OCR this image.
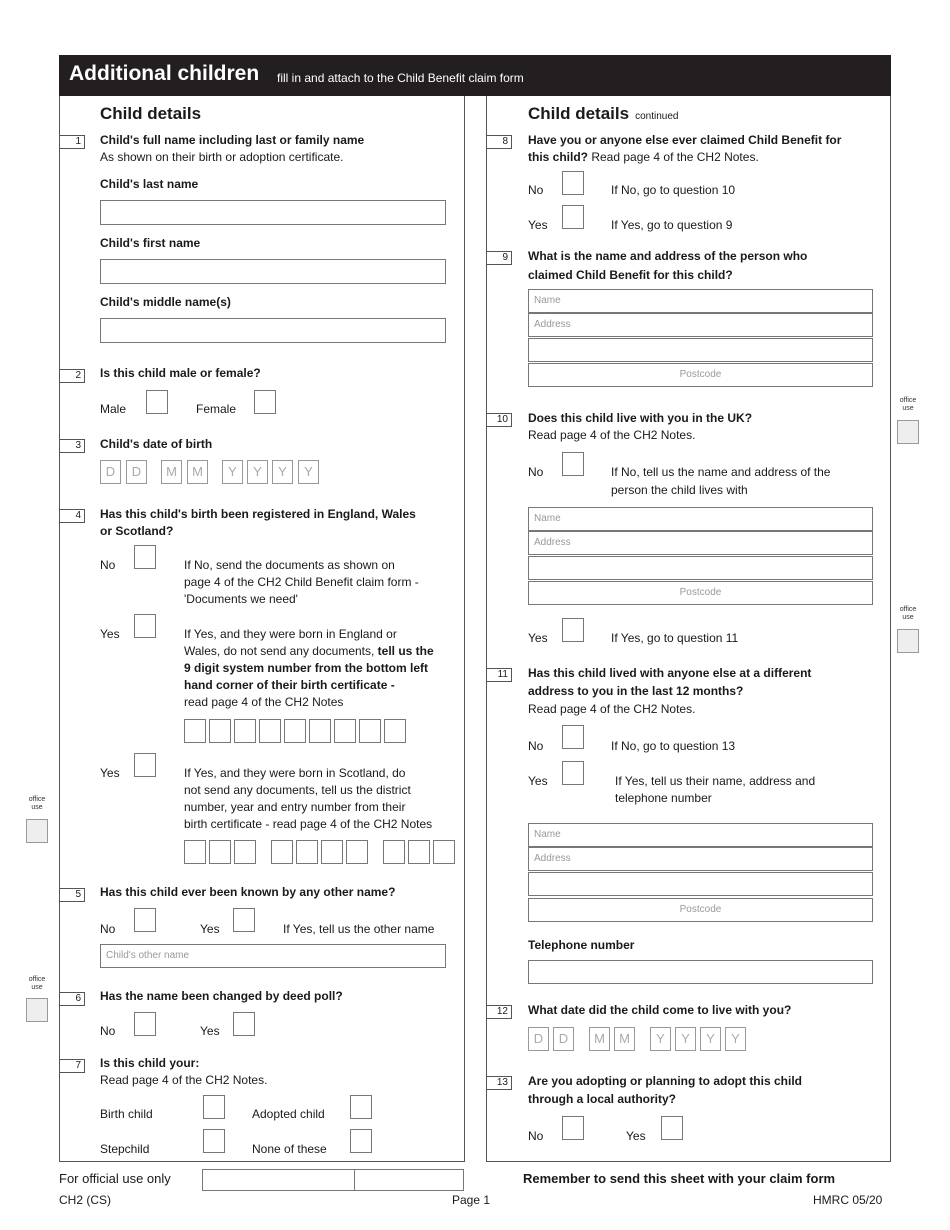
Additional children fill in and attach to the Child Benefit claim form
Child details
1	Child's full name including last or family name
As shown on their birth or adoption certificate.
Child's last name
Child's first name
Child's middle name(s)
2	Is this child male or female?
Male	Female
3	Child's date of birth
D	D	M	M	Y	Y	Y	Y
4	Has this child's birth been registered in England, Wales
or Scotland?
No	If No, send the documents as shown on
page 4 of the CH2 Child Benefit claim form -
'Documents we need'
Yes	If Yes, and they were born in England or
Wales, do not send any documents, tell us the
9 digit system number from the bottom left
hand corner of their birth certificate -
read page 4 of the CH2 Notes
Yes	If Yes, and they were born in Scotland, do
not send any documents, tell us the district
number, year and entry number from their
birth certificate - read page 4 of the CH2 Notes
5	Has this child ever been known by any other name?
No	Yes	If Yes, tell us the other name
Child's other name
6	Has the name been changed by deed poll?
No	Yes
7	Is this child your:
Read page 4 of the CH2 Notes.
Birth child	Adopted child
Stepchild	None of these
office
use
office
use
Child details continued
8	Have you or anyone else ever claimed Child Benefit for
this child? Read page 4 of the CH2 Notes.
No	If No, go to question 10
Yes	If Yes, go to question 9
9	What is the name and address of the person who
claimed Child Benefit for this child?
Name
Address
Postcode
10	Does this child live with you in the UK?
Read page 4 of the CH2 Notes.
No	If No, tell us the name and address of the
person the child lives with
Name
Address
Postcode
Yes	If Yes, go to question 11
11	Has this child lived with anyone else at a different
address to you in the last 12 months?
Read page 4 of the CH2 Notes.
No	If No, go to question 13
Yes	If Yes, tell us their name, address and
telephone number
Name
Address
Postcode
Telephone number
12	What date did the child come to live with you?
D	D	M	M	Y	Y	Y	Y
13	Are you adopting or planning to adopt this child
through a local authority?
No	Yes
office
use
office
use
For official use only
CH2 (CS)	Page 1
Remember to send this sheet with your claim form
HMRC 05/20
